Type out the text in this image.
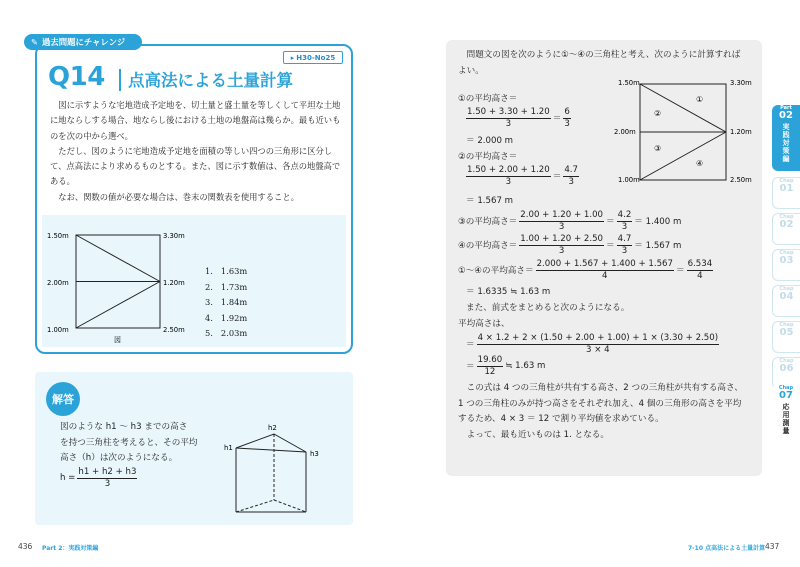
✎ 過去問題にチャレンジ
▸ H30-No25
Q14 点高法による土量計算

図に示すような宅地造成予定地を、切土量と盛土量を等しくして平坦な土地に地ならしする場合、地ならし後における土地の地盤高は幾らか。最も近いものを次の中から選べ。

ただし、図のように宅地造成予定地を面積の等しい四つの三角形に区分して、点高法により求めるものとする。また、図に示す数値は、各点の地盤高である。

なお、関数の値が必要な場合は、巻末の関数表を使用すること。

1.50m	3.30m
2.00m	1.20m
1.00m	2.50m
図
1. 1.63m
2. 1.73m
3. 1.84m
4. 1.92m
5. 2.03m
解答
図のような h1 ～ h3 までの高さ
を持つ三角柱を考えると、その平均
高さ（h）は次のようになる。
$h = \frac{h1 + h2 + h3}{3}$
h1
h2
h3
436 Part 2：実践対策編
問題文の図を次のように①～④の三角柱と考え、次のように計算すれば
よい。
1.50m	3.30m
2.00m	1.20m
1.00m	2.50m
①
②
③
④
①の平均高さ＝
$\frac{1.50 + 3.30 + 1.20}{3} = \frac{6}{3}$
＝ 2.000 m
②の平均高さ＝
$\frac{1.50 + 2.00 + 1.20}{3} = \frac{4.7}{3}$
＝ 1.567 m
③の平均高さ＝ $\frac{2.00 + 1.20 + 1.00}{3} = \frac{4.2}{3} = 1.400$ m
④の平均高さ＝ $\frac{1.00 + 1.20 + 2.50}{3} = \frac{4.7}{3} = 1.567$ m
①～④の平均高さ＝ $\frac{2.000 + 1.567 + 1.400 + 1.567}{4} = \frac{6.534}{4}$
＝ 1.6335 ≒ 1.63 m
また、前式をまとめると次のようになる。
平均高さは、
＝ $\frac{4 \times 1.2 + 2 \times (1.50 + 2.00 + 1.00) + 1 \times (3.30 + 2.50)}{3 \times 4}$
＝ $\frac{19.60}{12}$ ≒ 1.63 m
この式は 4 つの三角柱が共有する高さ、2 つの三角柱が共有する高さ、
1 つの三角柱のみが持つ高さをそれぞれ加え、4 個の三角形の高さを平均
するため、4 × 3 ＝ 12 で割り平均値を求めている。
よって、最も近いものは 1. となる。
7-10 点高法による土量計算 437
Part
02
実践対策編
Chap
01
Chap
02
Chap
03
Chap
04
Chap
05
Chap
06
Chap
07
応用測量
